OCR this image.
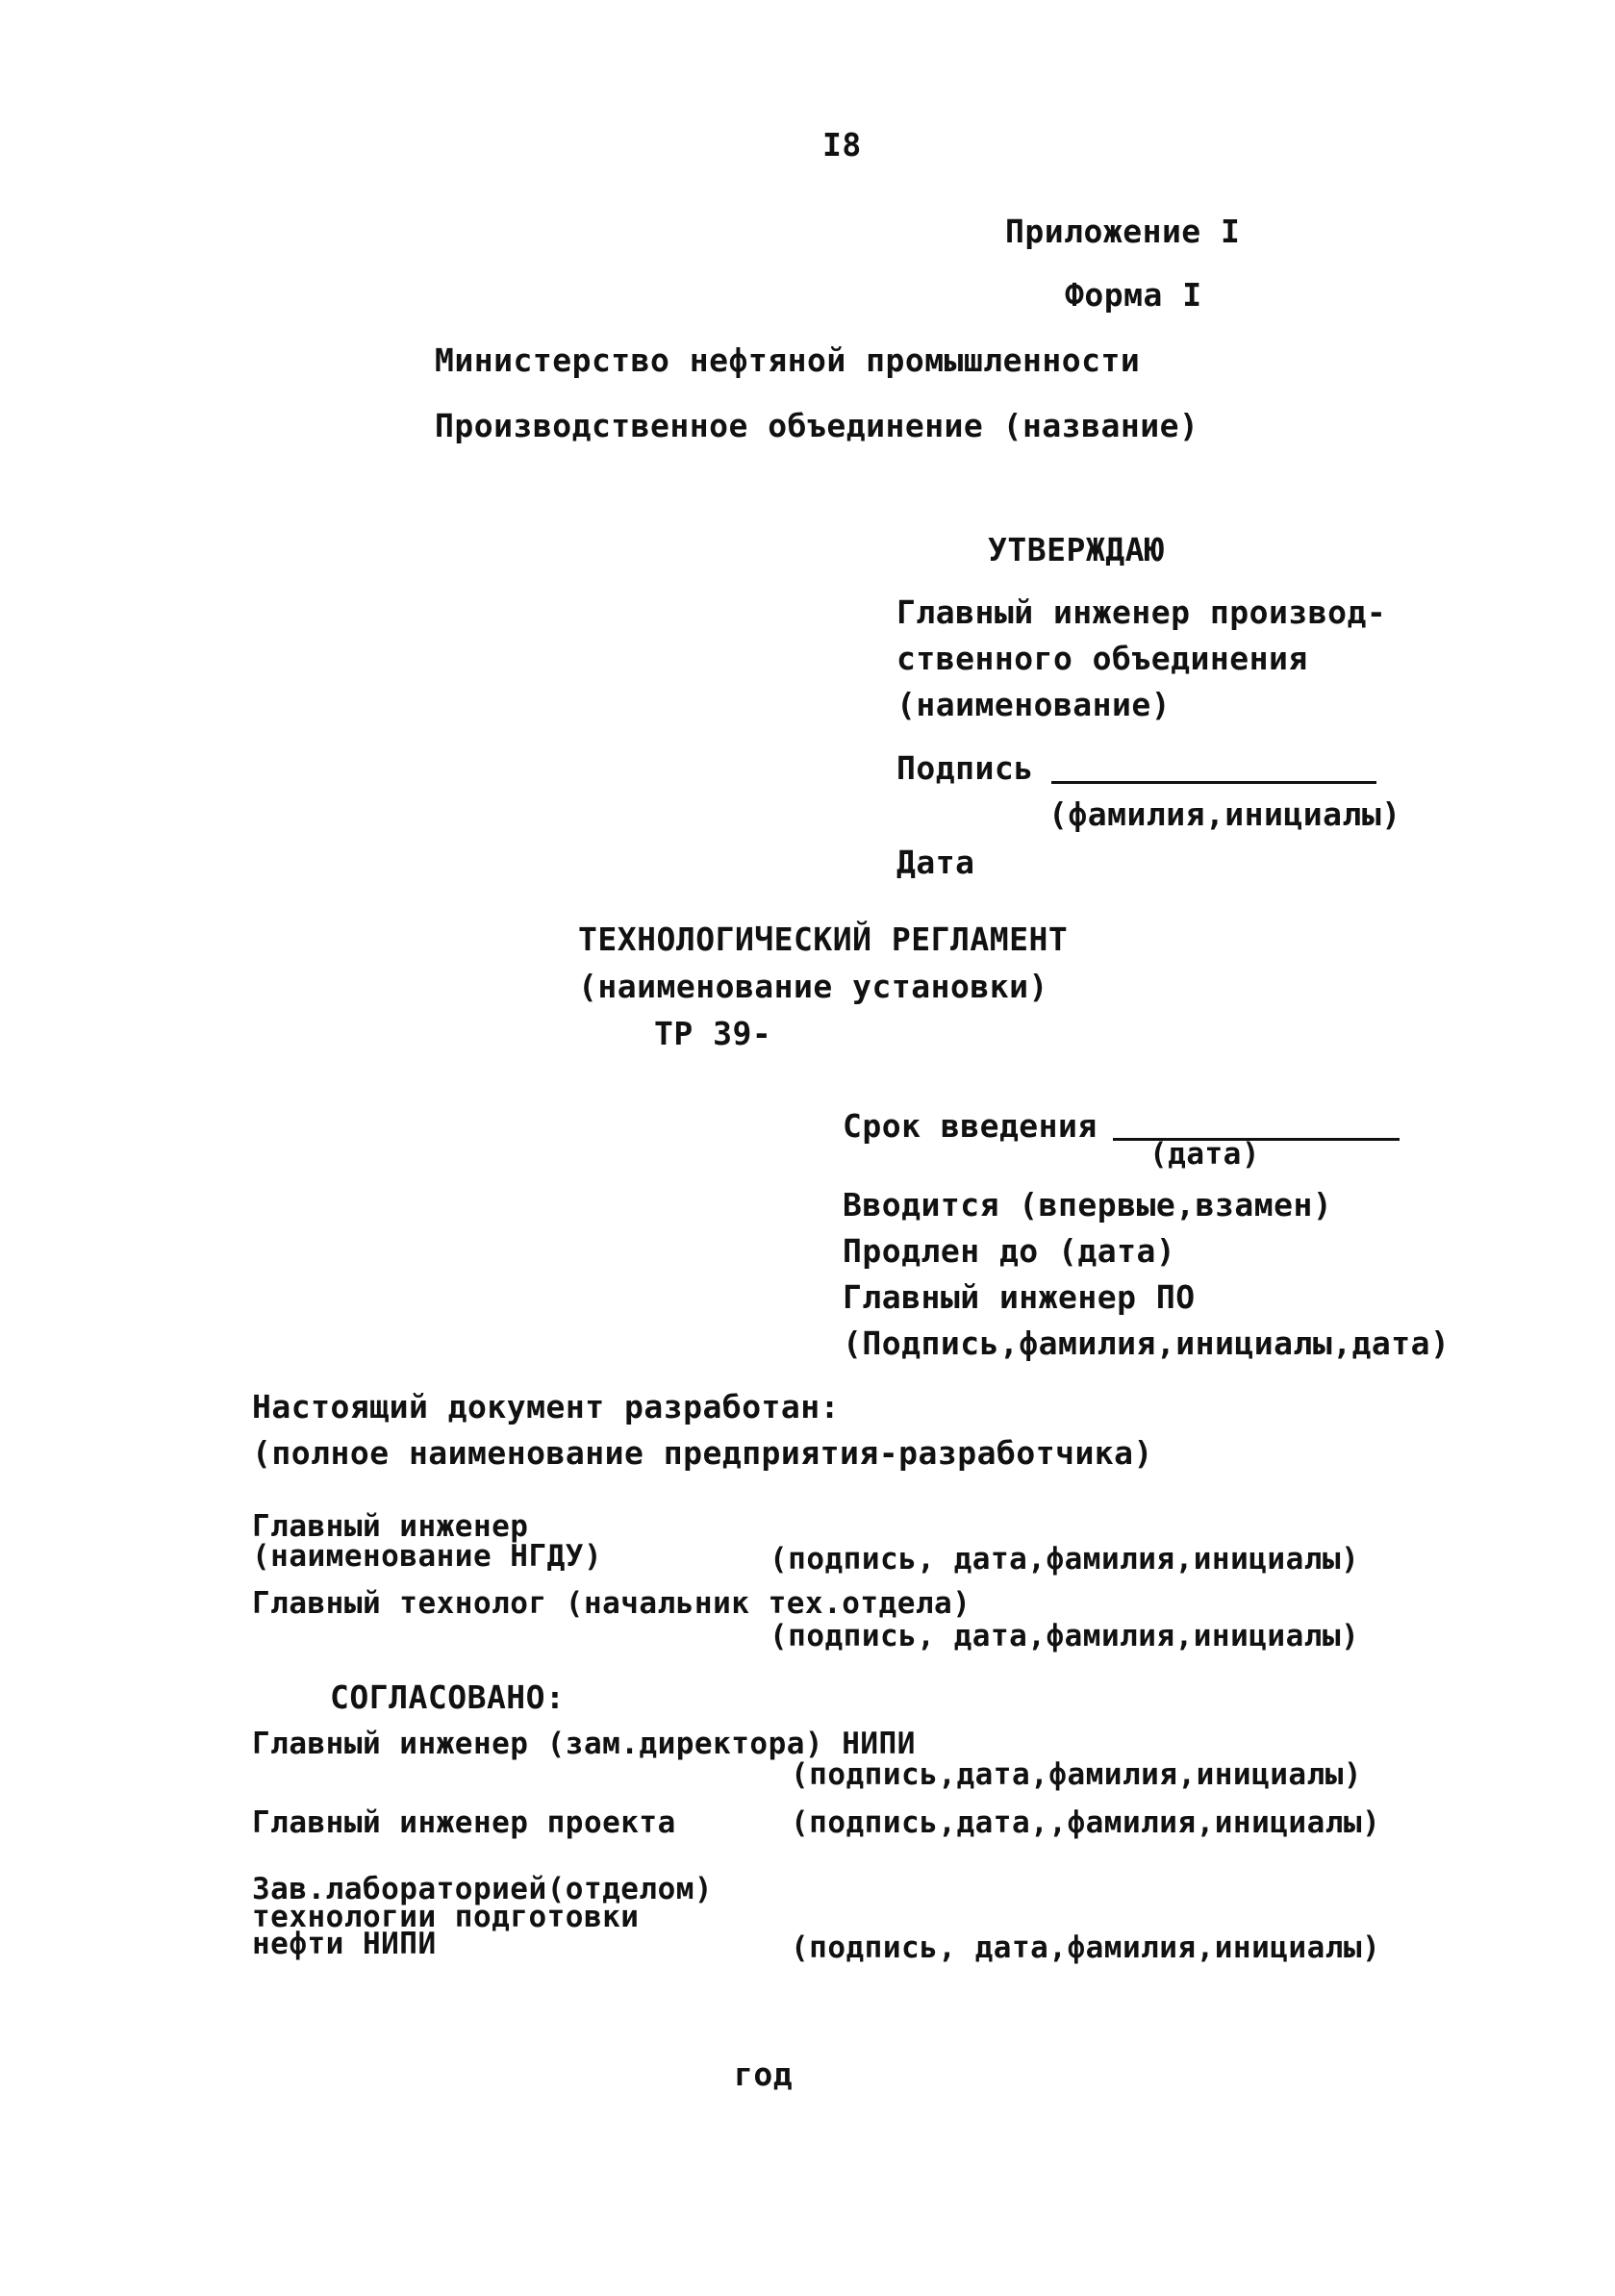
I8
Приложение I
Форма I
Министерство нефтяной промышленности
Производственное объединение (название)
УТВЕРЖДАЮ
Главный инженер производ-
ственного объединения
(наименование)
Подпись
(фамилия,инициалы)
Дата
ТЕХНОЛОГИЧЕСКИЙ РЕГЛАМЕНТ
(наименование установки)
ТР 39-
Срок введения
(дата)
Вводится (впервые,взамен)
Продлен до (дата)
Главный инженер ПО
(Подпись,фамилия,инициалы,дата)
Настоящий документ разработан:
(полное наименование предприятия-разработчика)
Главный инженер
(наименование НГДУ)	(подпись, дата,фамилия,инициалы)
Главный технолог (начальник тех.отдела)
(подпись, дата,фамилия,инициалы)
СОГЛАСОВАНО:
Главный инженер (зам.директора) НИПИ
(подпись,дата,фамилия,инициалы)
Главный инженер проекта	(подпись,дата,,фамилия,инициалы)
Зав.лабораторией(отделом)
технологии подготовки
нефти НИПИ	(подпись, дата,фамилия,инициалы)
год
